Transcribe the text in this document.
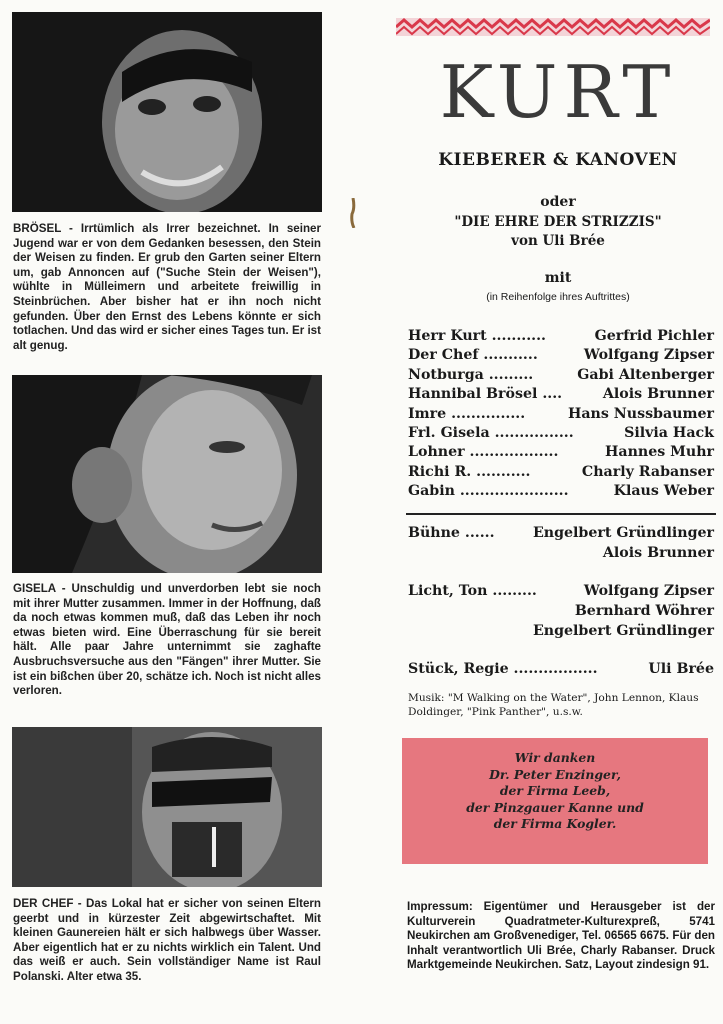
BRÖSEL - Irrtümlich als Irrer bezeichnet. In seiner Jugend war er von dem Gedanken besessen, den Stein der Weisen zu finden. Er grub den Garten seiner Eltern um, gab Annoncen auf ("Suche Stein der Weisen"), wühlte in Mülleimern und arbeitete freiwillig in Steinbrüchen. Aber bisher hat er ihn noch nicht gefunden. Über den Ernst des Lebens könnte er sich totlachen. Und das wird er sicher eines Tages tun. Er ist alt genug.
GISELA - Unschuldig und unverdorben lebt sie noch mit ihrer Mutter zusammen. Immer in der Hoffnung, daß da noch etwas kommen muß, daß das Leben ihr noch etwas bieten wird. Eine Überraschung für sie bereit hält. Alle paar Jahre unternimmt sie zaghafte Ausbruchsversuche aus den "Fängen" ihrer Mutter. Sie ist ein bißchen über 20, schätze ich. Noch ist nicht alles verloren.
DER CHEF - Das Lokal hat er sicher von seinen Eltern geerbt und in kürzester Zeit abgewirtschaftet. Mit kleinen Gaunereien hält er sich halbwegs über Wasser. Aber eigentlich hat er zu nichts wirklich ein Talent. Und das weiß er auch. Sein vollständiger Name ist Raul Polanski. Alter etwa 35.
KURT
KIEBERER & KANOVEN
oder
"DIE EHRE DER STRIZZIS"
von Uli Brée
mit
(in Reihenfolge ihres Auftrittes)
Herr Kurt ...........	Gerfrid Pichler
Der Chef ...........	Wolfgang Zipser
Notburga .........	Gabi Altenberger
Hannibal Brösel ....	Alois Brunner
Imre ...............	Hans Nussbaumer
Frl. Gisela ................	Silvia Hack
Lohner ..................	Hannes Muhr
Richi R. ...........	Charly Rabanser
Gabin ......................	Klaus Weber
Bühne ......	Engelbert Gründlinger
Alois Brunner
Licht, Ton .........	Wolfgang Zipser
Bernhard Wöhrer
Engelbert Gründlinger
Stück, Regie .................	Uli Brée
Musik: "M Walking on the Water", John Lennon, Klaus Doldinger, "Pink Panther", u.s.w.
Wir danken
Dr. Peter Enzinger,
der Firma Leeb,
der Pinzgauer Kanne und
der Firma Kogler.
Impressum: Eigentümer und Herausgeber ist der Kulturverein Quadratmeter-Kulturexpreß, 5741 Neukirchen am Großvenediger, Tel. 06565 6675. Für den Inhalt verantwortlich Uli Brée, Charly Rabanser. Druck Marktgemeinde Neukirchen. Satz, Layout zindesign 91.
